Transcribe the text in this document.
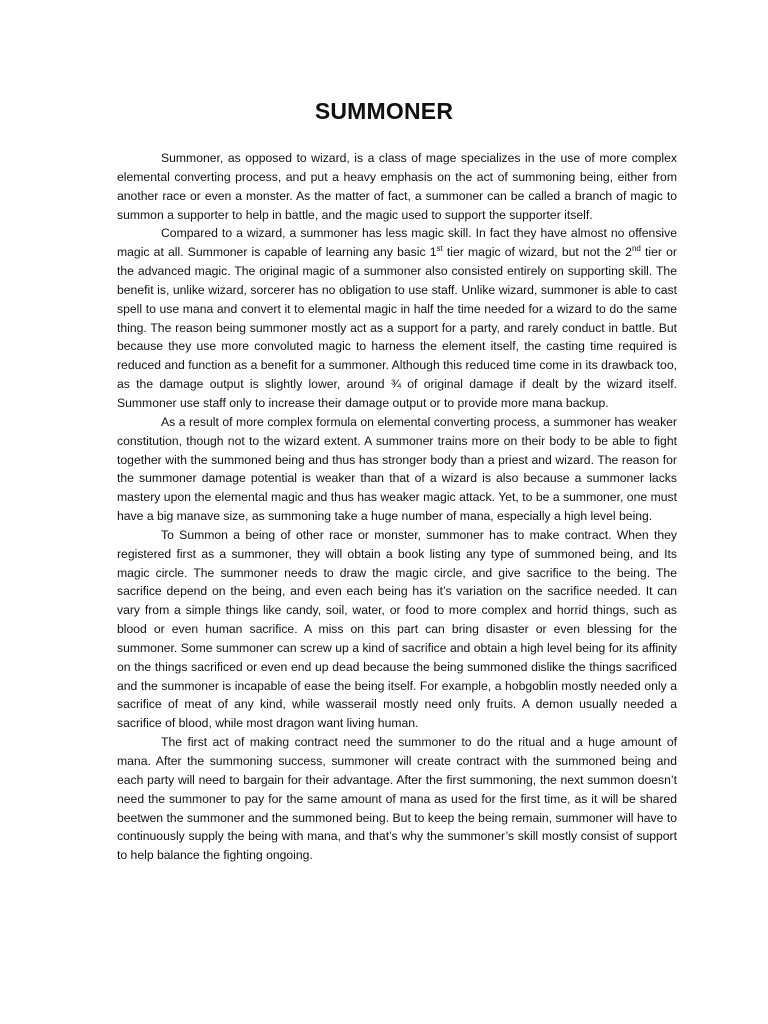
SUMMONER

Summoner, as opposed to wizard, is a class of mage specializes in the use of more complex elemental converting process, and put a heavy emphasis on the act of summoning being, either from another race or even a monster. As the matter of fact, a summoner can be called a branch of magic to summon a supporter to help in battle, and the magic used to support the supporter itself.

Compared to a wizard, a summoner has less magic skill. In fact they have almost no offensive magic at all. Summoner is capable of learning any basic 1st tier magic of wizard, but not the 2nd tier or the advanced magic. The original magic of a summoner also consisted entirely on supporting skill. The benefit is, unlike wizard, sorcerer has no obligation to use staff. Unlike wizard, summoner is able to cast spell to use mana and convert it to elemental magic in half the time needed for a wizard to do the same thing. The reason being summoner mostly act as a support for a party, and rarely conduct in battle. But because they use more convoluted magic to harness the element itself, the casting time required is reduced and function as a benefit for a summoner. Although this reduced time come in its drawback too, as the damage output is slightly lower, around ¾ of original damage if dealt by the wizard itself. Summoner use staff only to increase their damage output or to provide more mana backup.

As a result of more complex formula on elemental converting process, a summoner has weaker constitution, though not to the wizard extent. A summoner trains more on their body to be able to fight together with the summoned being and thus has stronger body than a priest and wizard. The reason for the summoner damage potential is weaker than that of a wizard is also because a summoner lacks mastery upon the elemental magic and thus has weaker magic attack. Yet, to be a summoner, one must have a big manave size, as summoning take a huge number of mana, especially a high level being.

To Summon a being of other race or monster, summoner has to make contract. When they registered first as a summoner, they will obtain a book listing any type of summoned being, and Its magic circle. The summoner needs to draw the magic circle, and give sacrifice to the being. The sacrifice depend on the being, and even each being has it’s variation on the sacrifice needed. It can vary from a simple things like candy, soil, water, or food to more complex and horrid things, such as blood or even human sacrifice. A miss on this part can bring disaster or even blessing for the summoner. Some summoner can screw up a kind of sacrifice and obtain a high level being for its affinity on the things sacrificed or even end up dead because the being summoned dislike the things sacrificed and the summoner is incapable of ease the being itself. For example, a hobgoblin mostly needed only a sacrifice of meat of any kind, while wasserail mostly need only fruits. A demon usually needed a sacrifice of blood, while most dragon want living human.

The first act of making contract need the summoner to do the ritual and a huge amount of mana. After the summoning success, summoner will create contract with the summoned being and each party will need to bargain for their advantage. After the first summoning, the next summon doesn’t need the summoner to pay for the same amount of mana as used for the first time, as it will be shared beetwen the summoner and the summoned being. But to keep the being remain, summoner will have to continuously supply the being with mana, and that’s why the summoner’s skill mostly consist of support to help balance the fighting ongoing.
